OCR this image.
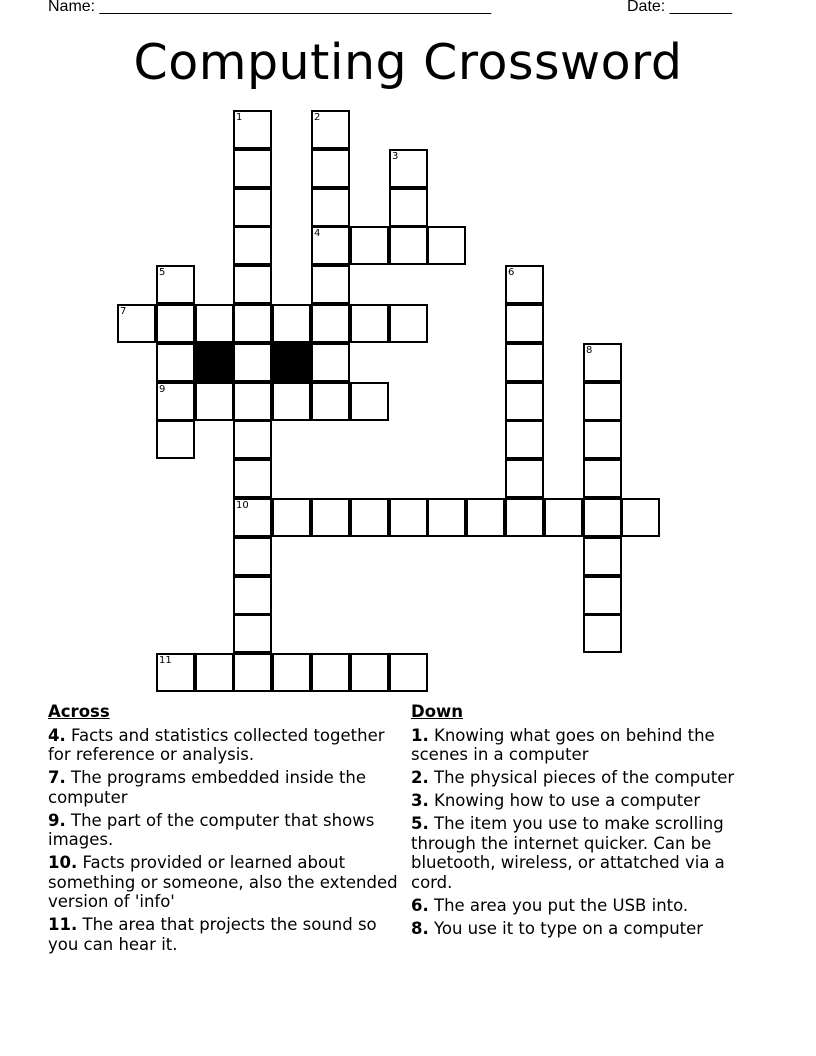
Name: ____________________________________________	Date: _______
Computing Crossword
1	2
3
4
5	6
7
8
9
10
11
Across
4. Facts and statistics collected together for reference or analysis.
7. The programs embedded inside the computer
9. The part of the computer that shows images.
10. Facts provided or learned about something or someone, also the extended version of 'info'
11. The area that projects the sound so you can hear it.
Down
1. Knowing what goes on behind the scenes in a computer
2. The physical pieces of the computer
3. Knowing how to use a computer
5. The item you use to make scrolling through the internet quicker. Can be bluetooth, wireless, or attatched via a cord.
6. The area you put the USB into.
8. You use it to type on a computer
